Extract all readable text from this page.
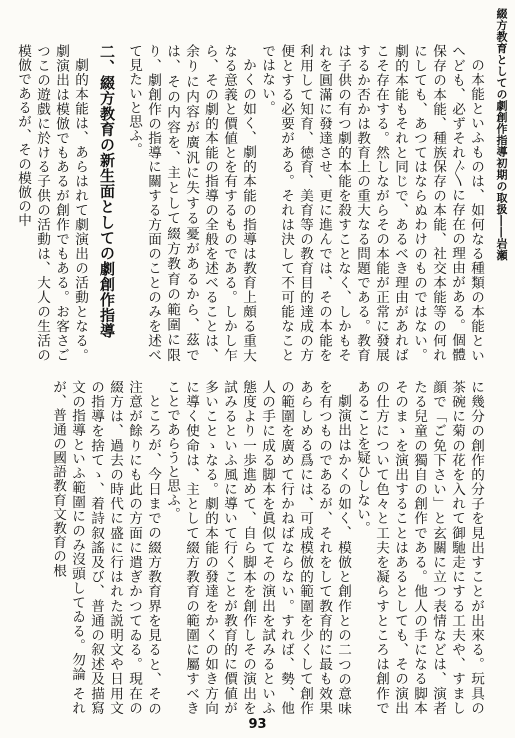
綴方教育としての劇創作指導初期の取扱――岩瀬

の本能といふものは、如何なる種類の本能といへども、必ずそれ〴〵に存在の理由がある。個體保存の本能、種族保存の本能、社交本能等の何れにしても、あつてはならぬわけのものではない。劇的本能もそれと同じで、あるべき理由があればこそ存在する。然しながらその本能が正常に發展するか否かは教育上の重大なる問題である。教育は子供の有つ劇的本能を殺すことなく、しかもそれを圓滿に發達させ、更に進んでは、その本能を利用して知育、徳育、美育等の教育目的達成の方便とする必要がある。それは決して不可能なことではない。

かくの如く、劇的本能の指導は教育上頗る重大なる意義と價値とを有するものである。しかし乍ら、その劇的本能の指導の全般を述べることは、余りに内容が廣汎に失する憂があるから、茲では、その内容を、主として綴方教育の範圍に限り、劇創作の指導に關する方面のことのみを述べて見たいと思ふ。

二、綴方教育の新生面としての劇創作指導

劇的本能は、あらはれて劇演出の活動となる。劇演出は模倣でもあるが創作でもある。お客さごつこの遊戲に於ける子供の活動は、大人の生活の模倣であるが、その模倣の中

に幾分の創作的分子を見出すことが出來る。玩具の茶碗に菊の花を入れて御馳走にする工夫や、すまし顔で「ご免下さい」と玄關に立つ表情などは、演者たる兒童の獨自の創作である。他人の手になる脚本そのまゝを演出することはあるとしても、その演出の仕方について色々と工夫を凝らすところは創作であることを疑ひしない。

劇演出はかくの如く、模倣と創作との二つの意味を有つものであるが、それをして教育的に最も效果あらしめる爲には、可成模倣的範圍を少くして創作の範圍を廣めて行かねばならない。すれば、勢、他人の手に成る脚本を眞似てその演出を試みるといふ態度より一歩進めて、自ら脚本を創作しその演出を試みるといふ風に導いて行くことが教育的に價値が多いことゝなる。劇的本能の發達をかくの如き方向に導く使命は、主として綴方教育の範圍に屬すべきことであらうと思ふ。

ところが、今日までの綴方教育界を見ると、その注意が餘りにも此の方面に遣ぎかつてゐる。現在の綴方は、過去の時代に盛に行はれた説明文や日用文の指導を捨てゝ、着詩叙謠及び、普通の叙述及描寫文の指導といふ範圍にのみ沒頭してゐる。勿論 それが、普通の國語教育文教育の根

93
